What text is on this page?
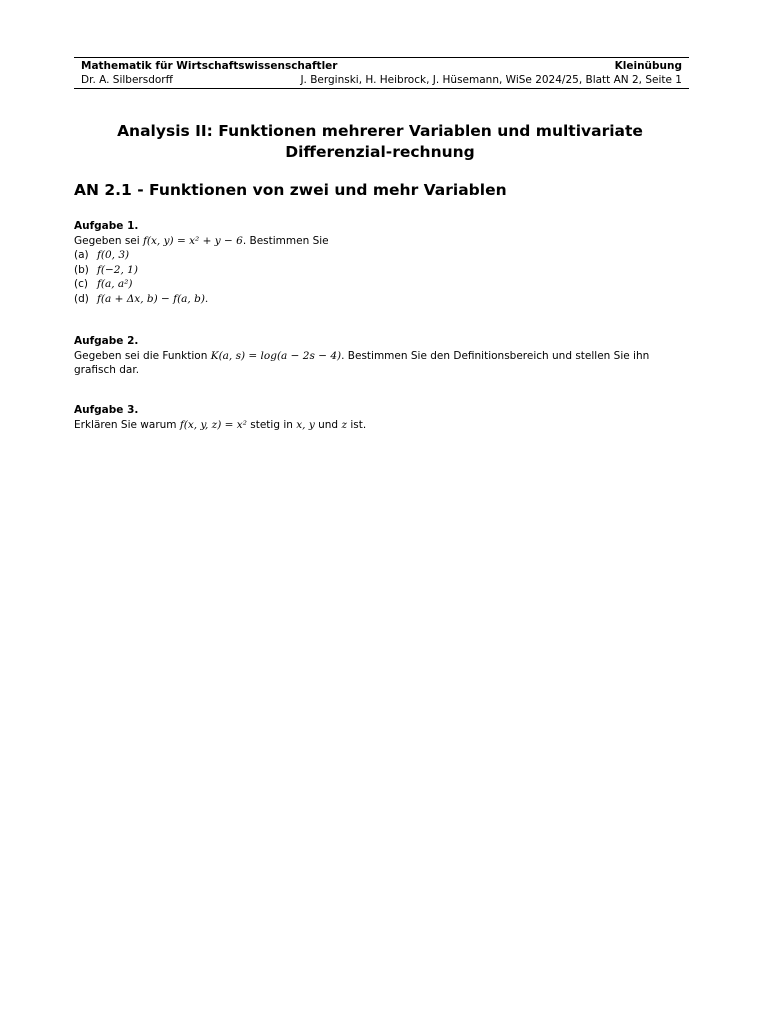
Mathematik für Wirtschaftswissenschaftler	Kleinübung
Dr. A. Silbersdorff	J. Berginski, H. Heibrock, J. Hüsemann, WiSe 2024/25, Blatt AN 2, Seite 1
Analysis II: Funktionen mehrerer Variablen und multivariate Differenzial-rechnung
AN 2.1 - Funktionen von zwei und mehr Variablen
Aufgabe 1.
Gegeben sei f(x, y) = x² + y − 6. Bestimmen Sie
(a) f(0, 3)
(b) f(−2, 1)
(c) f(a, a²)
(d) f(a + Δx, b) − f(a, b).
Aufgabe 2.
Gegeben sei die Funktion K(a, s) = log(a − 2s − 4). Bestimmen Sie den Definitionsbereich und stellen Sie ihn grafisch dar.
Aufgabe 3.
Erklären Sie warum f(x, y, z) = x² stetig in x, y und z ist.
